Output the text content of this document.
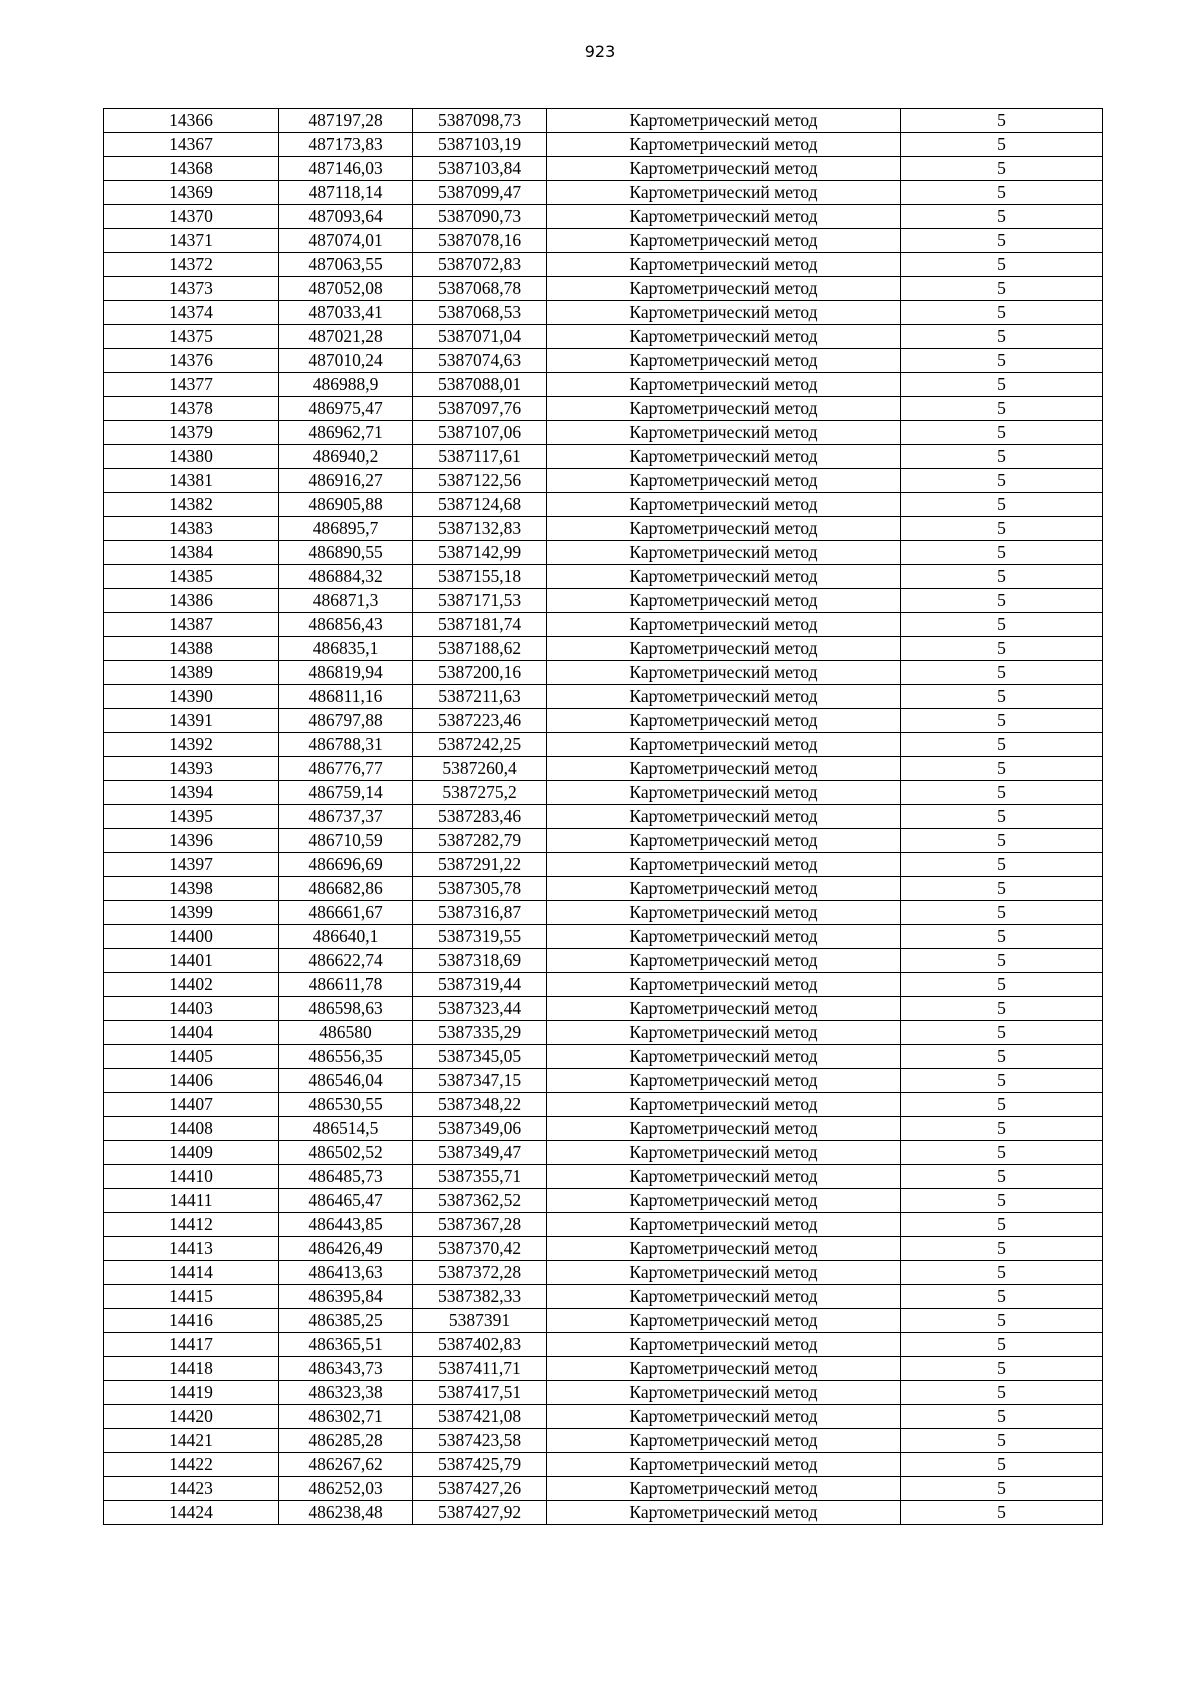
923
14366	487197,28	5387098,73	Картометрический метод	5
14367	487173,83	5387103,19	Картометрический метод	5
14368	487146,03	5387103,84	Картометрический метод	5
14369	487118,14	5387099,47	Картометрический метод	5
14370	487093,64	5387090,73	Картометрический метод	5
14371	487074,01	5387078,16	Картометрический метод	5
14372	487063,55	5387072,83	Картометрический метод	5
14373	487052,08	5387068,78	Картометрический метод	5
14374	487033,41	5387068,53	Картометрический метод	5
14375	487021,28	5387071,04	Картометрический метод	5
14376	487010,24	5387074,63	Картометрический метод	5
14377	486988,9	5387088,01	Картометрический метод	5
14378	486975,47	5387097,76	Картометрический метод	5
14379	486962,71	5387107,06	Картометрический метод	5
14380	486940,2	5387117,61	Картометрический метод	5
14381	486916,27	5387122,56	Картометрический метод	5
14382	486905,88	5387124,68	Картометрический метод	5
14383	486895,7	5387132,83	Картометрический метод	5
14384	486890,55	5387142,99	Картометрический метод	5
14385	486884,32	5387155,18	Картометрический метод	5
14386	486871,3	5387171,53	Картометрический метод	5
14387	486856,43	5387181,74	Картометрический метод	5
14388	486835,1	5387188,62	Картометрический метод	5
14389	486819,94	5387200,16	Картометрический метод	5
14390	486811,16	5387211,63	Картометрический метод	5
14391	486797,88	5387223,46	Картометрический метод	5
14392	486788,31	5387242,25	Картометрический метод	5
14393	486776,77	5387260,4	Картометрический метод	5
14394	486759,14	5387275,2	Картометрический метод	5
14395	486737,37	5387283,46	Картометрический метод	5
14396	486710,59	5387282,79	Картометрический метод	5
14397	486696,69	5387291,22	Картометрический метод	5
14398	486682,86	5387305,78	Картометрический метод	5
14399	486661,67	5387316,87	Картометрический метод	5
14400	486640,1	5387319,55	Картометрический метод	5
14401	486622,74	5387318,69	Картометрический метод	5
14402	486611,78	5387319,44	Картометрический метод	5
14403	486598,63	5387323,44	Картометрический метод	5
14404	486580	5387335,29	Картометрический метод	5
14405	486556,35	5387345,05	Картометрический метод	5
14406	486546,04	5387347,15	Картометрический метод	5
14407	486530,55	5387348,22	Картометрический метод	5
14408	486514,5	5387349,06	Картометрический метод	5
14409	486502,52	5387349,47	Картометрический метод	5
14410	486485,73	5387355,71	Картометрический метод	5
14411	486465,47	5387362,52	Картометрический метод	5
14412	486443,85	5387367,28	Картометрический метод	5
14413	486426,49	5387370,42	Картометрический метод	5
14414	486413,63	5387372,28	Картометрический метод	5
14415	486395,84	5387382,33	Картометрический метод	5
14416	486385,25	5387391	Картометрический метод	5
14417	486365,51	5387402,83	Картометрический метод	5
14418	486343,73	5387411,71	Картометрический метод	5
14419	486323,38	5387417,51	Картометрический метод	5
14420	486302,71	5387421,08	Картометрический метод	5
14421	486285,28	5387423,58	Картометрический метод	5
14422	486267,62	5387425,79	Картометрический метод	5
14423	486252,03	5387427,26	Картометрический метод	5
14424	486238,48	5387427,92	Картометрический метод	5
